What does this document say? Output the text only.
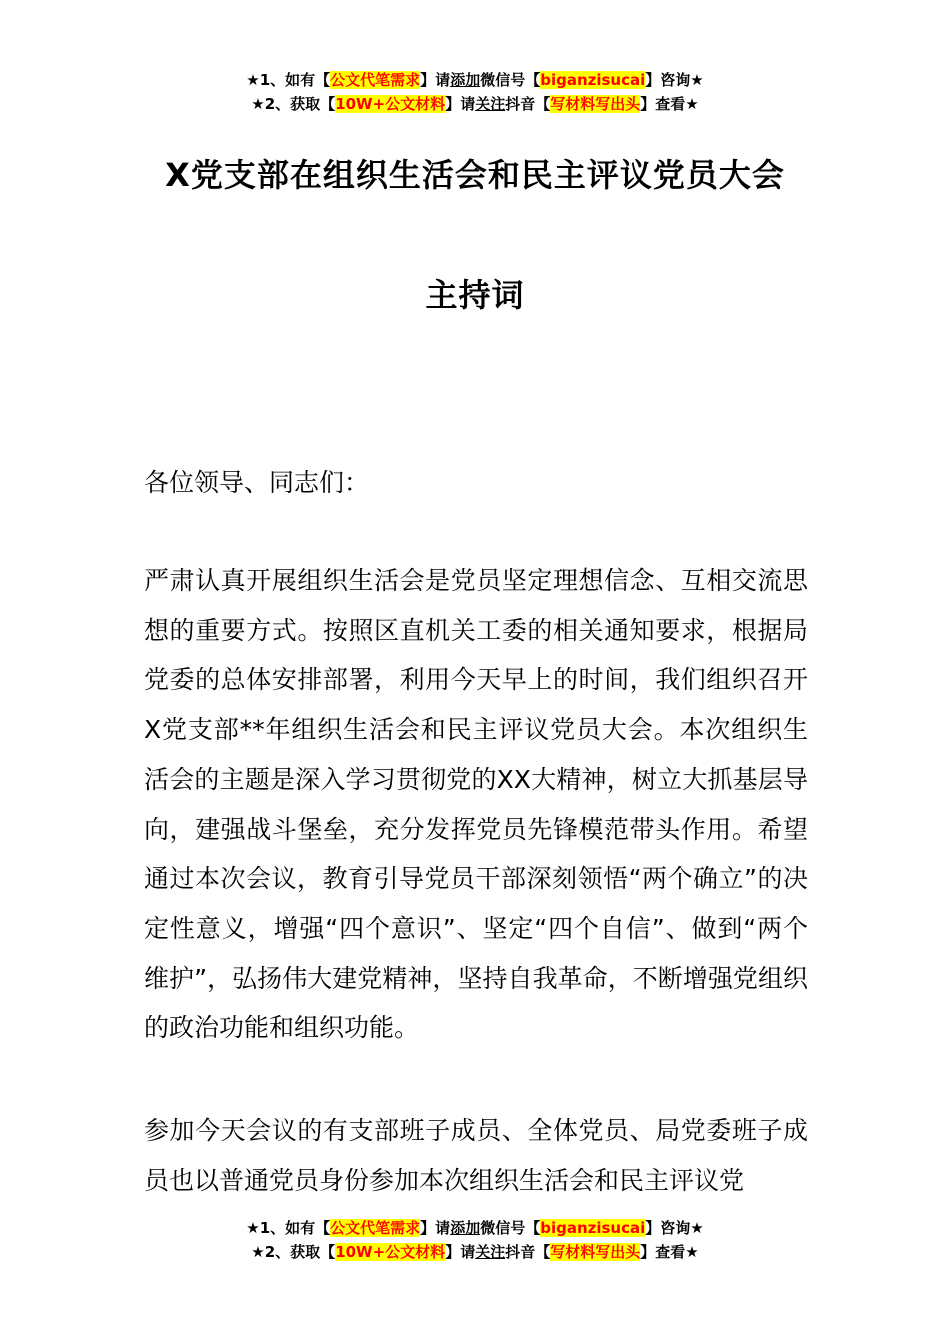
★1、如有【公文代笔需求】请添加微信号【biganzisucai】咨询★
★2、获取【10W+公文材料】请关注抖音【写材料写出头】查看★
X党支部在组织生活会和民主评议党员大会
主持词

各位领导、同志们：

严肃认真开展组织生活会是党员坚定理想信念、互相交流思想的重要方式。按照区直机关工委的相关通知要求，根据局党委的总体安排部署，利用今天早上的时间，我们组织召开X党支部**年组织生活会和民主评议党员大会。本次组织生活会的主题是深入学习贯彻党的XX大精神，树立大抓基层导向，建强战斗堡垒，充分发挥党员先锋模范带头作用。希望通过本次会议，教育引导党员干部深刻领悟“两个确立”的决定性意义，增强“四个意识”、坚定“四个自信”、做到“两个维护”，弘扬伟大建党精神，坚持自我革命，不断增强党组织的政治功能和组织功能。

参加今天会议的有支部班子成员、全体党员、局党委班子成员也以普通党员身份参加本次组织生活会和民主评议党

★1、如有【公文代笔需求】请添加微信号【biganzisucai】咨询★
★2、获取【10W+公文材料】请关注抖音【写材料写出头】查看★
